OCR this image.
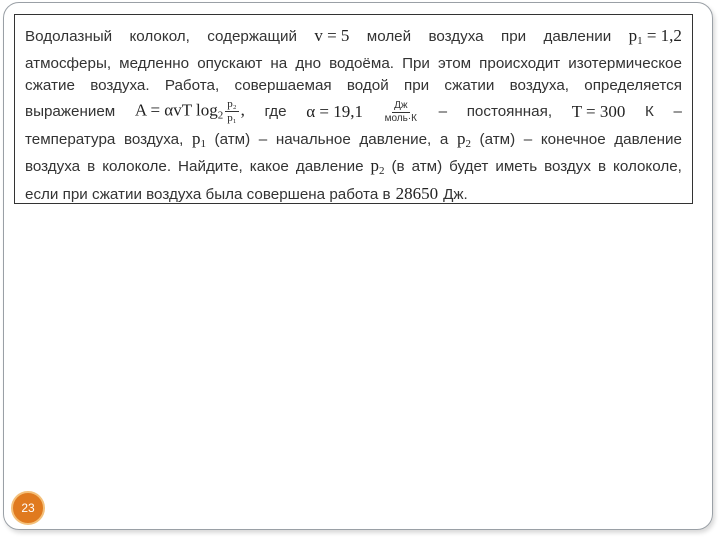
Водолазный колокол, содержащий v = 5 молей воздуха при давлении $p_1 = 1,2$
атмосферы, медленно опускают на дно водоёма. При этом происходит изотермическое
сжатие воздуха. Работа, совершаемая водой при сжатии воздуха, определяется
выражением A = αvT $\log_2 \frac{\text{p₂}}{\text{p₁}}$ , где $\alpha = 19,1 \frac{Дж}{\text{моль·К}}$ – постоянная, T = 300 К –
температура воздуха, $p_1$ (атм) – начальное давление, а $p_2$ (атм) – конечное давление
воздуха в колоколе. Найдите, какое давление $p_2$ (в атм) будет иметь воздух в колоколе,
если при сжатии воздуха была совершена работа в 28650 Дж.
23
